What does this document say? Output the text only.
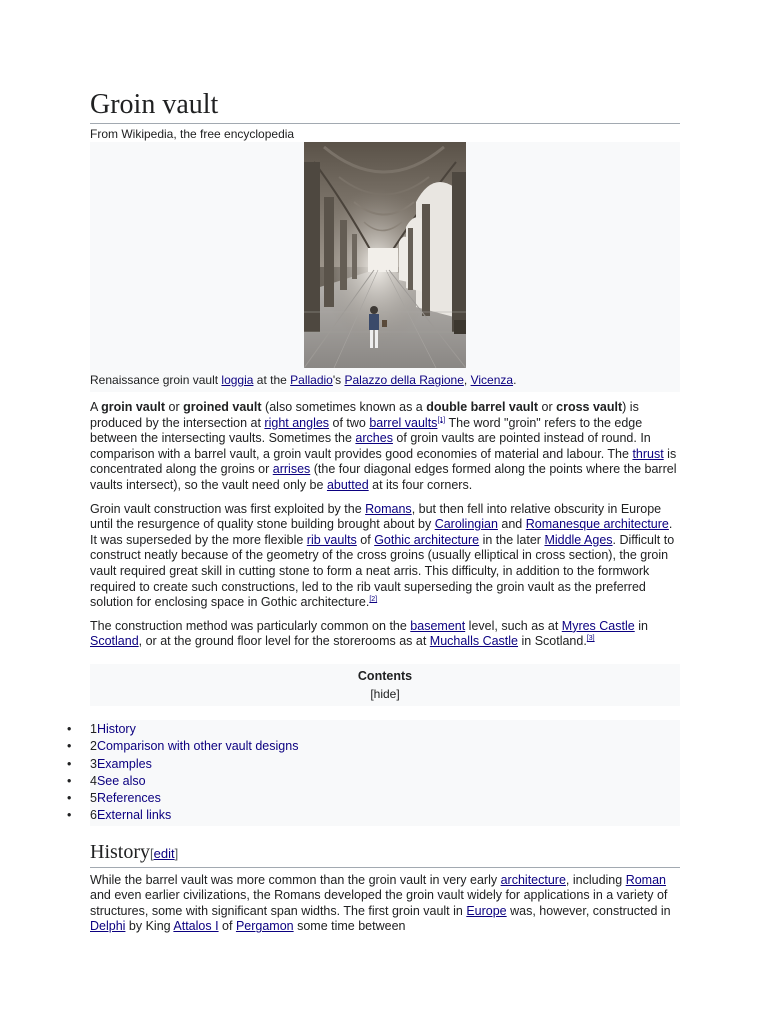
Groin vault
From Wikipedia, the free encyclopedia
Renaissance groin vault loggia at the Palladio's Palazzo della Ragione, Vicenza.

A groin vault or groined vault (also sometimes known as a double barrel vault or cross vault) is produced by the intersection at right angles of two barrel vaults[1] The word "groin" refers to the edge between the intersecting vaults. Sometimes the arches of groin vaults are pointed instead of round. In comparison with a barrel vault, a groin vault provides good economies of material and labour. The thrust is concentrated along the groins or arrises (the four diagonal edges formed along the points where the barrel vaults intersect), so the vault need only be abutted at its four corners.

Groin vault construction was first exploited by the Romans, but then fell into relative obscurity in Europe until the resurgence of quality stone building brought about by Carolingian and Romanesque architecture. It was superseded by the more flexible rib vaults of Gothic architecture in the later Middle Ages. Difficult to construct neatly because of the geometry of the cross groins (usually elliptical in cross section), the groin vault required great skill in cutting stone to form a neat arris. This difficulty, in addition to the formwork required to create such constructions, led to the rib vault superseding the groin vault as the preferred solution for enclosing space in Gothic architecture.[2]

The construction method was particularly common on the basement level, such as at Myres Castle in Scotland, or at the ground floor level for the storerooms as at Muchalls Castle in Scotland.[3]

Contents
[hide]
• 1History
• 2Comparison with other vault designs
• 3Examples
• 4See also
• 5References
• 6External links
History[edit]

While the barrel vault was more common than the groin vault in very early architecture, including Roman and even earlier civilizations, the Romans developed the groin vault widely for applications in a variety of structures, some with significant span widths. The first groin vault in Europe was, however, constructed in Delphi by King Attalos I of Pergamon some time between
